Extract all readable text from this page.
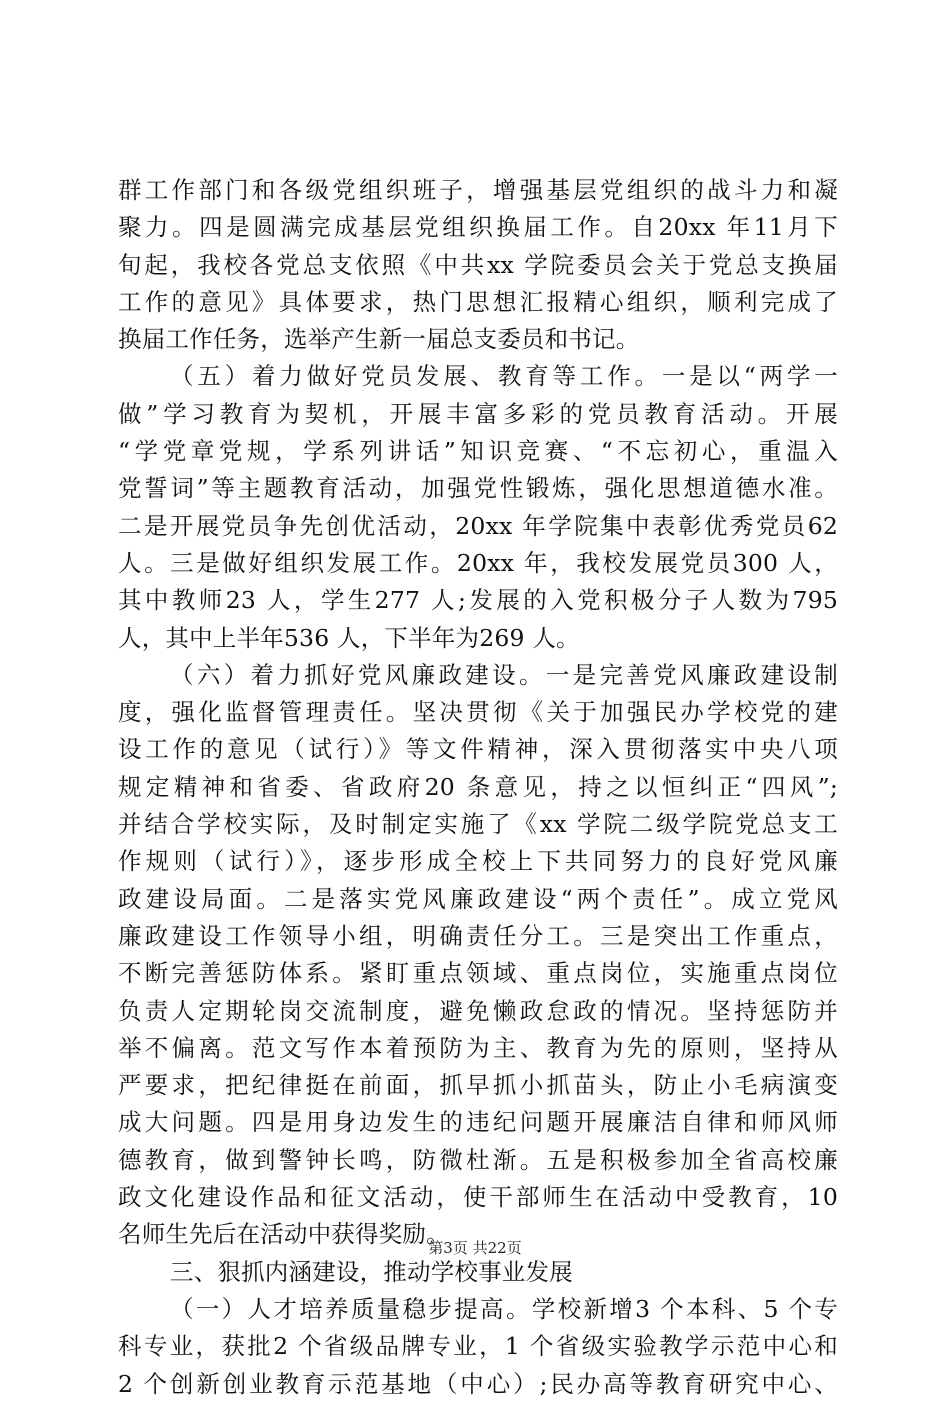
群工作部门和各级党组织班子，增强基层党组织的战斗力和凝
聚力。四是圆满完成基层党组织换届工作。自20xx 年11月下
旬起，我校各党总支依照《中共xx 学院委员会关于党总支换届
工作的意见》具体要求，热门思想汇报精心组织，顺利完成了
换届工作任务，选举产生新一届总支委员和书记。
（五）着力做好党员发展、教育等工作。一是以“两学一
做”学习教育为契机，开展丰富多彩的党员教育活动。开展
“学党章党规，学系列讲话”知识竞赛、“不忘初心，重温入
党誓词”等主题教育活动，加强党性锻炼，强化思想道德水准。
二是开展党员争先创优活动，20xx 年学院集中表彰优秀党员62
人。三是做好组织发展工作。20xx 年，我校发展党员300 人，
其中教师23 人，学生277 人;发展的入党积极分子人数为795
人，其中上半年536 人，下半年为269 人。
（六）着力抓好党风廉政建设。一是完善党风廉政建设制
度，强化监督管理责任。坚决贯彻《关于加强民办学校党的建
设工作的意见（试行）》等文件精神，深入贯彻落实中央八项
规定精神和省委、省政府20 条意见，持之以恒纠正“四风”;
并结合学校实际，及时制定实施了《xx 学院二级学院党总支工
作规则（试行）》，逐步形成全校上下共同努力的良好党风廉
政建设局面。二是落实党风廉政建设“两个责任”。成立党风
廉政建设工作领导小组，明确责任分工。三是突出工作重点，
不断完善惩防体系。紧盯重点领域、重点岗位，实施重点岗位
负责人定期轮岗交流制度，避免懒政怠政的情况。坚持惩防并
举不偏离。范文写作本着预防为主、教育为先的原则，坚持从
严要求，把纪律挺在前面，抓早抓小抓苗头，防止小毛病演变
成大问题。四是用身边发生的违纪问题开展廉洁自律和师风师
德教育，做到警钟长鸣，防微杜渐。五是积极参加全省高校廉
政文化建设作品和征文活动，使干部师生在活动中受教育，10
名师生先后在活动中获得奖励。
三、狠抓内涵建设，推动学校事业发展
（一）人才培养质量稳步提高。学校新增3 个本科、5 个专
科专业，获批2 个省级品牌专业，1 个省级实验教学示范中心和
2 个创新创业教育示范基地（中心）;民办高等教育研究中心、
第3页 共22页
